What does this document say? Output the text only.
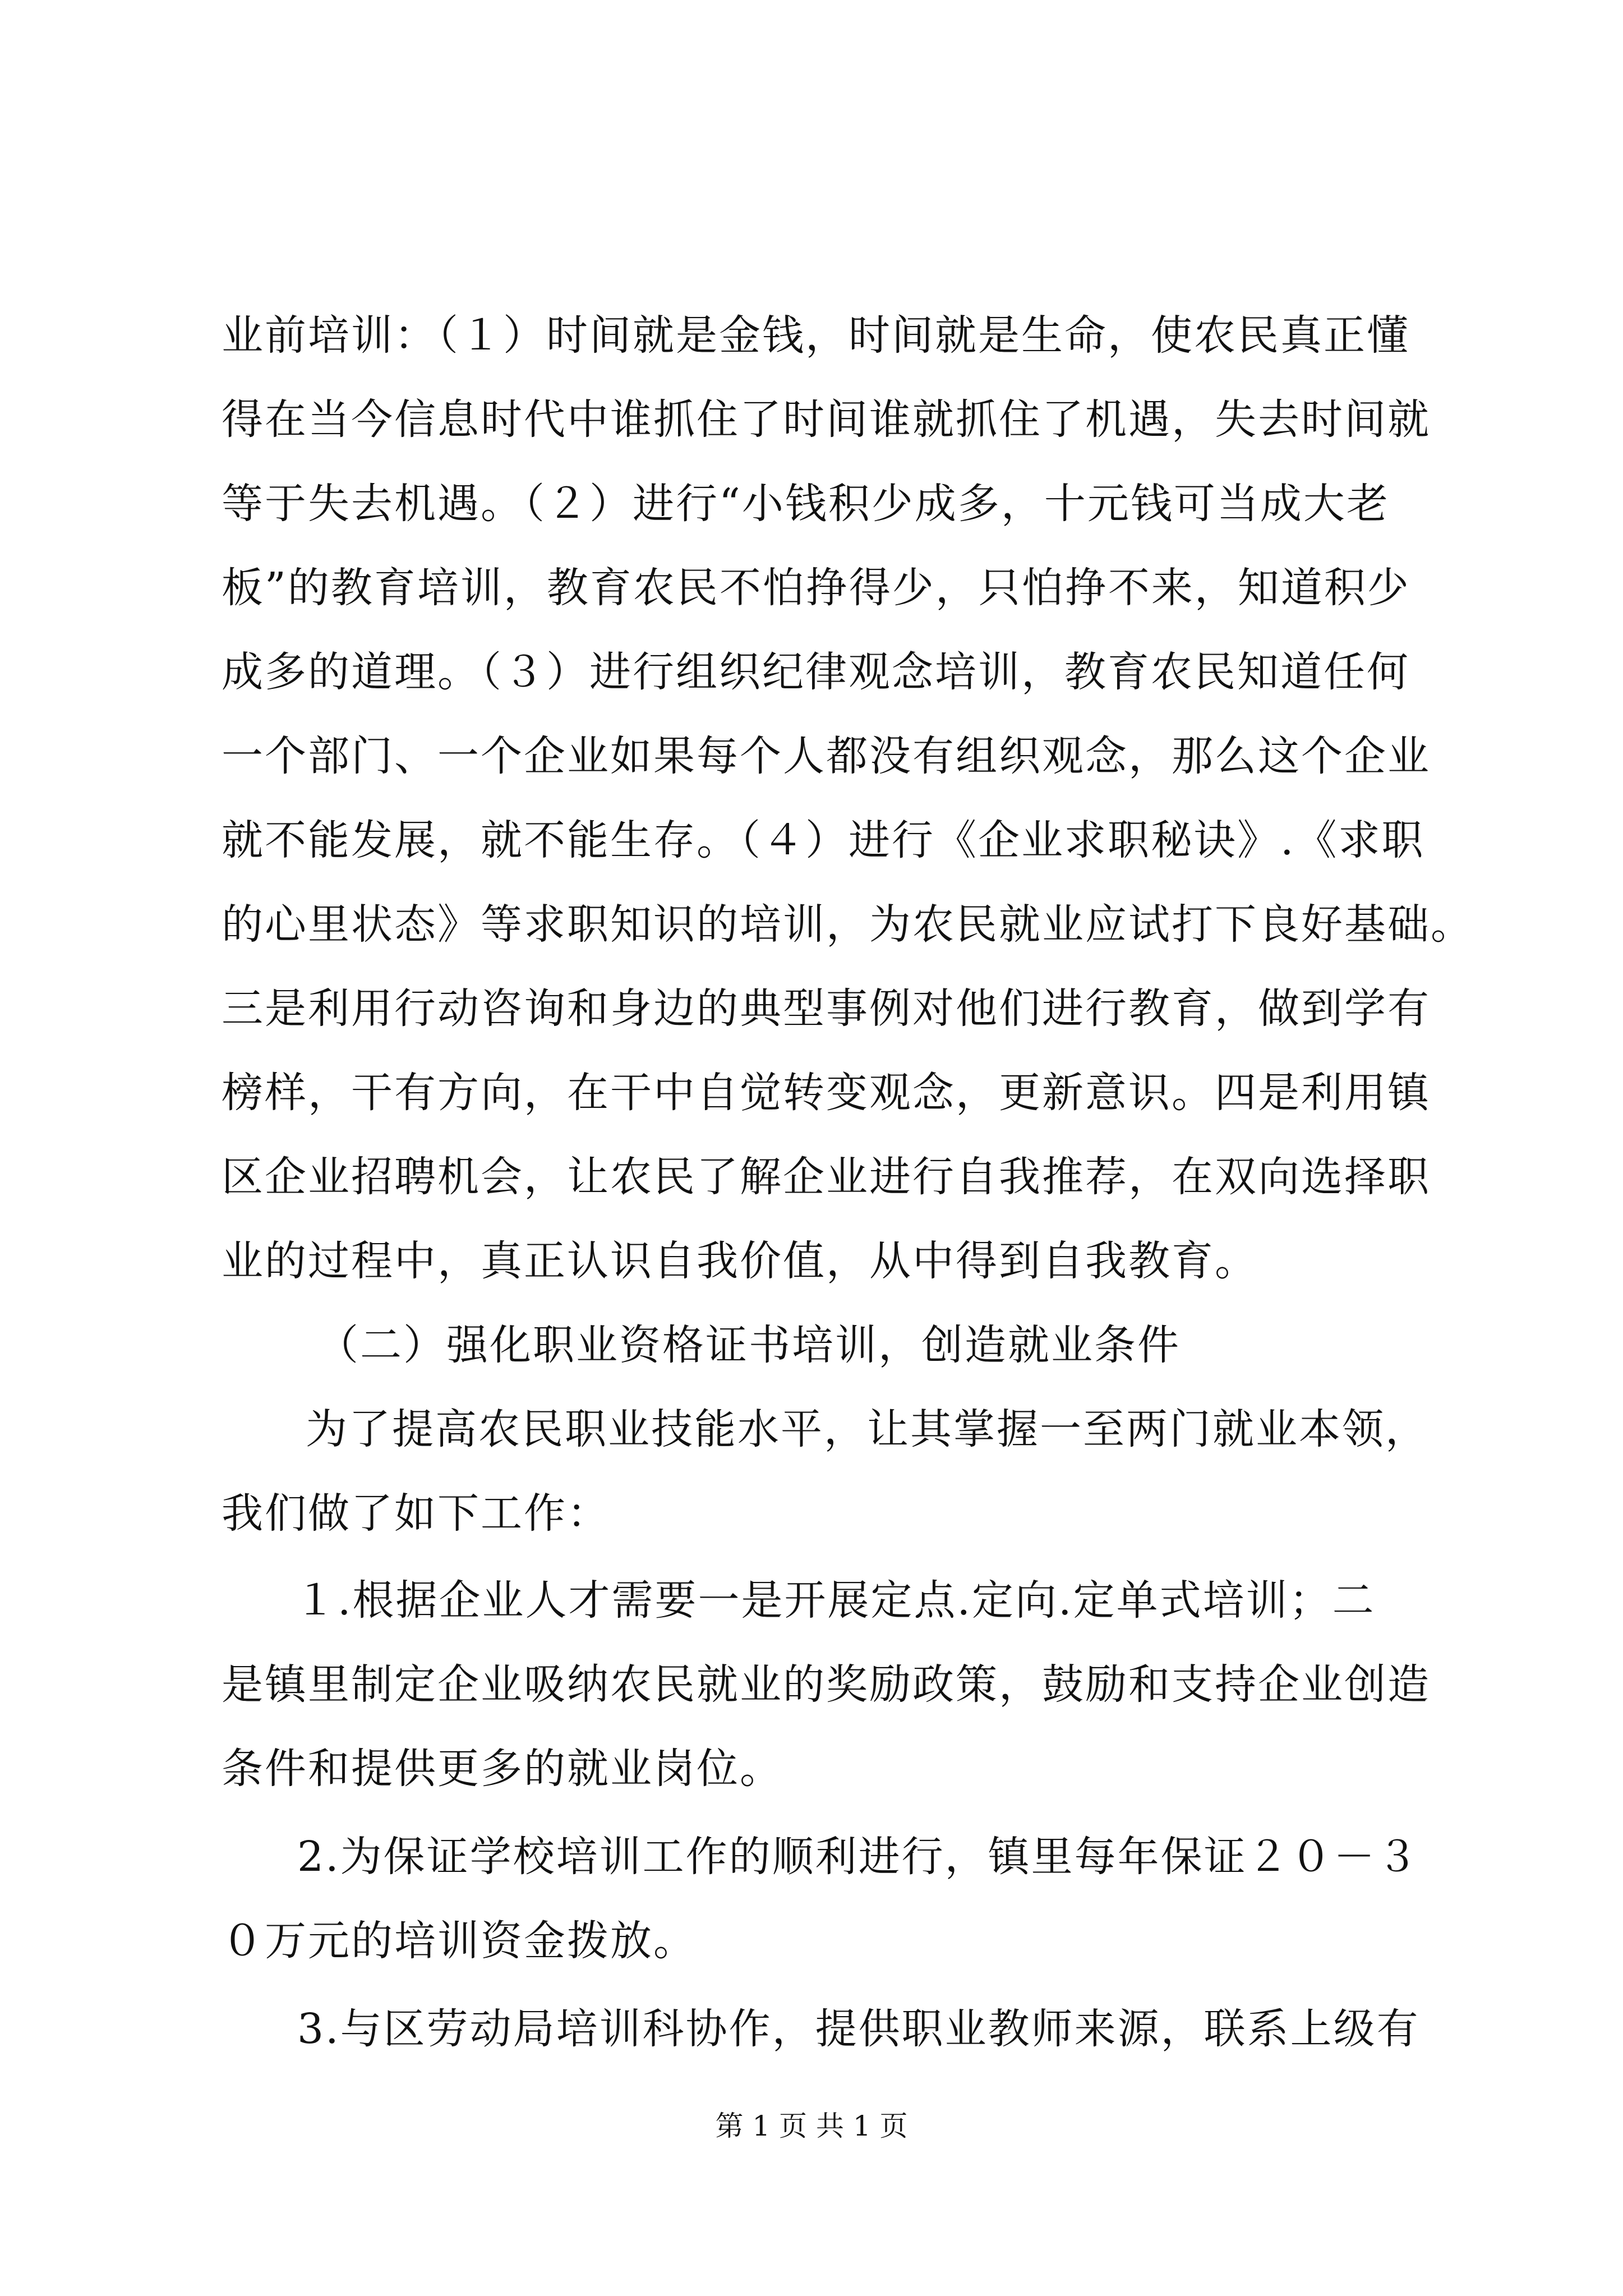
业前培训：（１）时间就是金钱，时间就是生命，使农民真正懂
得在当今信息时代中谁抓住了时间谁就抓住了机遇，失去时间就
等于失去机遇。（２）进行“小钱积少成多，十元钱可当成大老
板”的教育培训，教育农民不怕挣得少，只怕挣不来，知道积少
成多的道理。（３）进行组织纪律观念培训，教育农民知道任何
一个部门、一个企业如果每个人都没有组织观念，那么这个企业
就不能发展，就不能生存。（４）进行《企业求职秘诀》.《求职
的心里状态》等求职知识的培训，为农民就业应试打下良好基础。
三是利用行动咨询和身边的典型事例对他们进行教育，做到学有
榜样，干有方向，在干中自觉转变观念，更新意识。四是利用镇
区企业招聘机会，让农民了解企业进行自我推荐，在双向选择职
业的过程中，真正认识自我价值，从中得到自我教育。
（二）强化职业资格证书培训，创造就业条件
为了提高农民职业技能水平，让其掌握一至两门就业本领，
我们做了如下工作：
１.根据企业人才需要一是开展定点.定向.定单式培训；二
是镇里制定企业吸纳农民就业的奖励政策，鼓励和支持企业创造
条件和提供更多的就业岗位。
2.为保证学校培训工作的顺利进行，镇里每年保证２０－３
０万元的培训资金拨放。
3.与区劳动局培训科协作，提供职业教师来源，联系上级有
第 1 页 共 1 页
